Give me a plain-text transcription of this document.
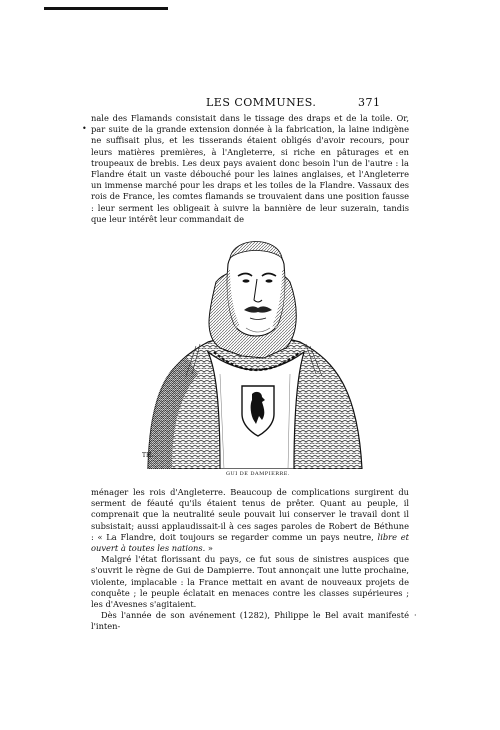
LES COMMUNES.	371
•
·

nale des Flamands consistait dans le tissage des draps et de la toile. Or, par suite de la grande extension donnée à la fabrication, la laine indigène ne suffisait plus, et les tisserands étaient obligés d'avoir recours, pour leurs matières premières, à l'Angleterre, si riche en pâturages et en troupeaux de brebis. Les deux pays avaient donc besoin l'un de l'autre : la Flandre était un vaste débouché pour les laines anglaises, et l'Angleterre un immense marché pour les draps et les toiles de la Flandre. Vassaux des rois de France, les comtes flamands se trouvaient dans une position fausse : leur serment les obligeait à suivre la bannière de leur suzerain, tandis que leur intérêt leur commandait de

TH.
GUI DE DAMPIERRE.

ménager les rois d'Angleterre. Beaucoup de complications surgirent du serment de féauté qu'ils étaient tenus de prêter. Quant au peuple, il comprenait que la neutralité seule pouvait lui conserver le travail dont il subsistait; aussi applaudissait-il à ces sages paroles de Robert de Béthune : « La Flandre, doit toujours se regarder comme un pays neutre, libre et ouvert à toutes les nations. »

Malgré l'état florissant du pays, ce fut sous de sinistres auspices que s'ouvrit le règne de Gui de Dampierre. Tout annonçait une lutte prochaine, violente, implacable : la France mettait en avant de nouveaux projets de conquête ; le peuple éclatait en menaces contre les classes supérieures ; les d'Avesnes s'agitaient.

Dès l'année de son avénement (1282), Philippe le Bel avait manifesté l'inten-
